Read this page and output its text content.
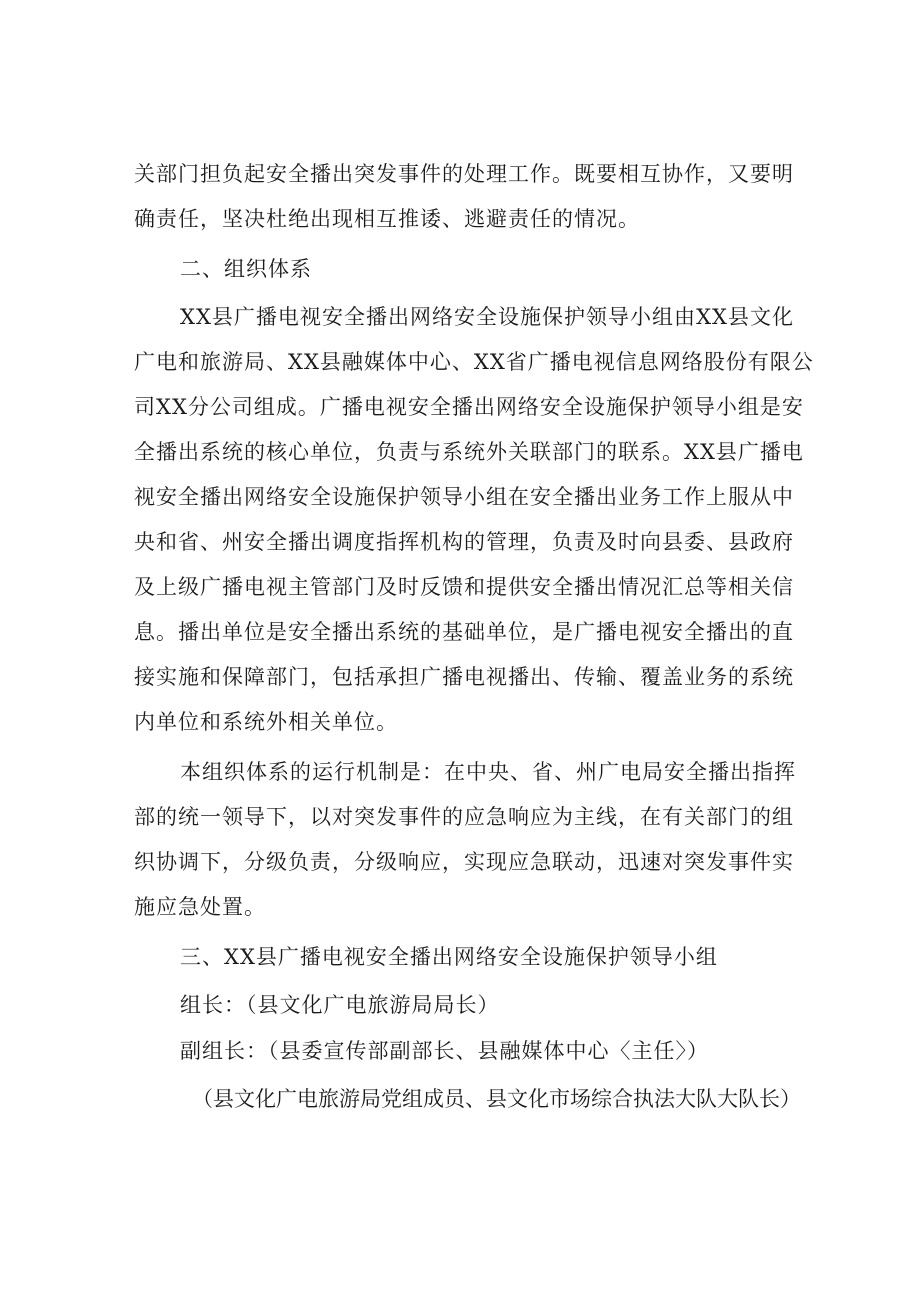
关部门担负起安全播出突发事件的处理工作。既要相互协作，又要明
确责任，坚决杜绝出现相互推诿、逃避责任的情况。
二、组织体系
XX县广播电视安全播出网络安全设施保护领导小组由XX县文化
广电和旅游局、XX县融媒体中心、XX省广播电视信息网络股份有限公
司XX分公司组成。广播电视安全播出网络安全设施保护领导小组是安
全播出系统的核心单位，负责与系统外关联部门的联系。XX县广播电
视安全播出网络安全设施保护领导小组在安全播出业务工作上服从中
央和省、州安全播出调度指挥机构的管理，负责及时向县委、县政府
及上级广播电视主管部门及时反馈和提供安全播出情况汇总等相关信
息。播出单位是安全播出系统的基础单位，是广播电视安全播出的直
接实施和保障部门，包括承担广播电视播出、传输、覆盖业务的系统
内单位和系统外相关单位。
本组织体系的运行机制是：在中央、省、州广电局安全播出指挥
部的统一领导下，以对突发事件的应急响应为主线，在有关部门的组
织协调下，分级负责，分级响应，实现应急联动，迅速对突发事件实
施应急处置。
三、XX县广播电视安全播出网络安全设施保护领导小组
组长：（县文化广电旅游局局长）
副组长：（县委宣传部副部长、县融媒体中心〈主任〉）
（县文化广电旅游局党组成员、县文化市场综合执法大队大队长）
